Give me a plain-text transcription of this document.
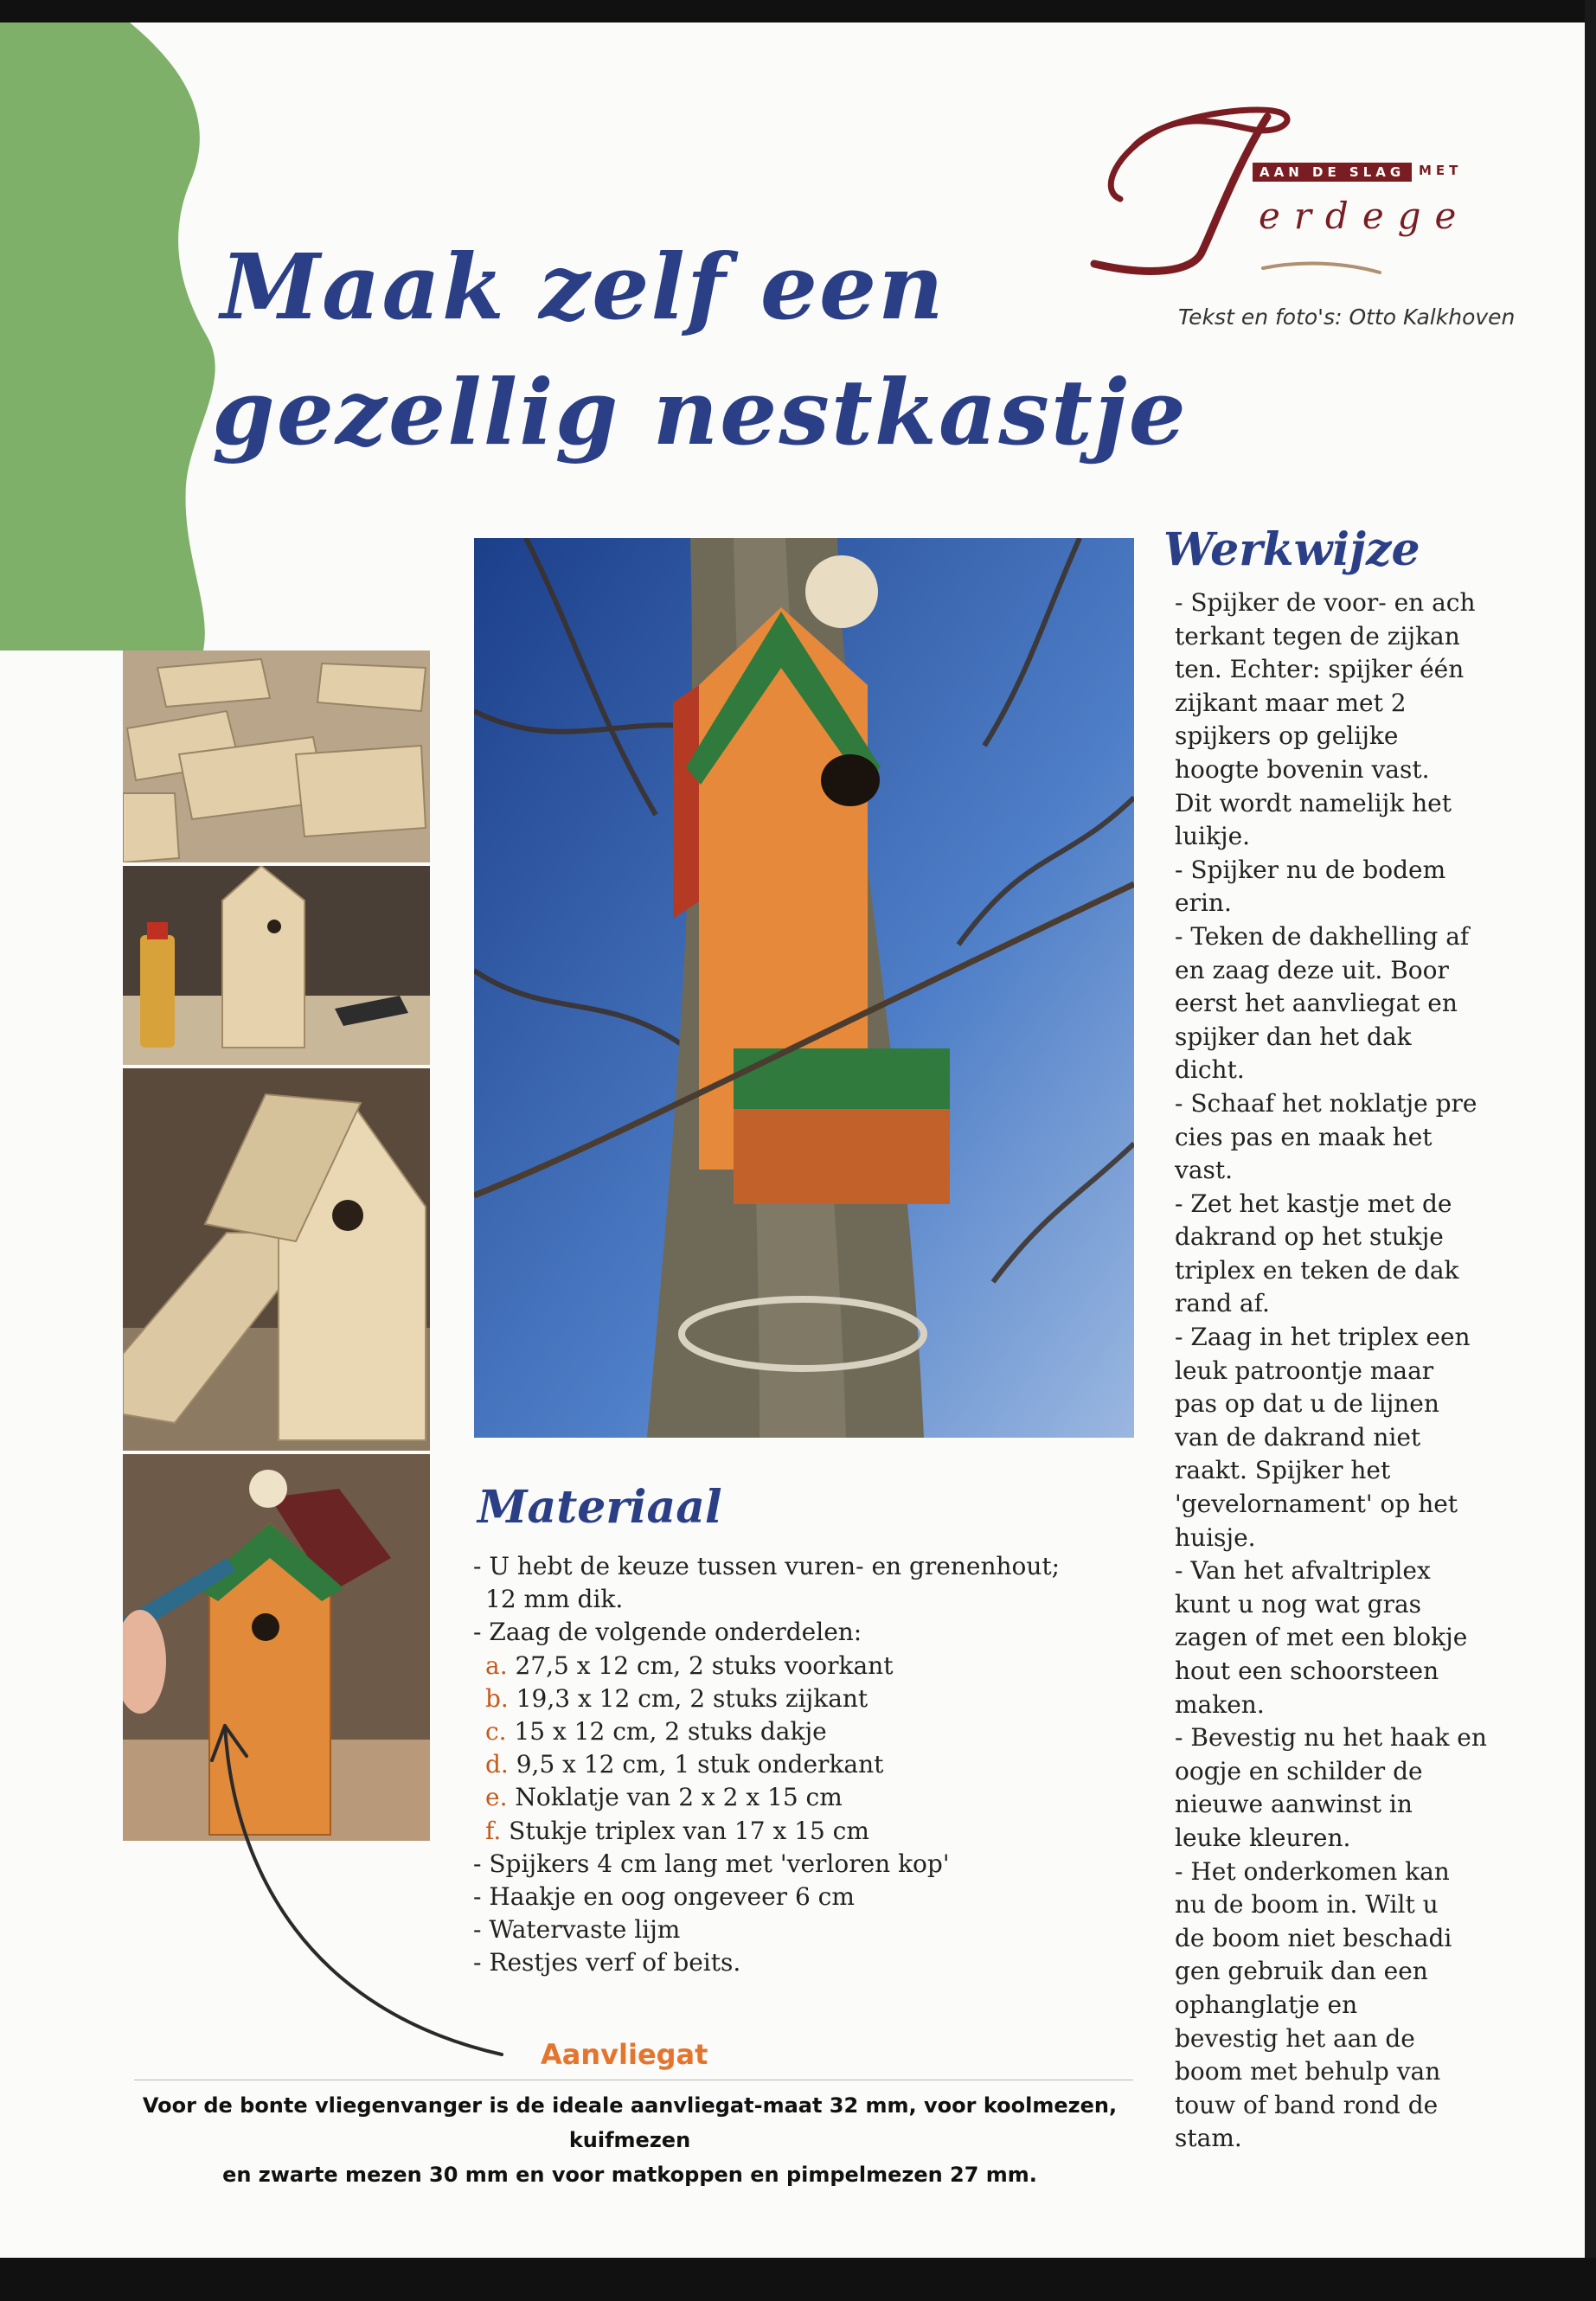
Maak zelf een
gezellig nestkastje
AAN DE SLAG	MET
erdege
Tekst en foto's: Otto Kalkhoven
Werkwijze
- Spijker de voor- en ach
terkant tegen de zijkan
ten. Echter: spijker één
zijkant maar met 2
spijkers op gelijke
hoogte bovenin vast.
Dit wordt namelijk het
luikje.
- Spijker nu de bodem
erin.
- Teken de dakhelling af
en zaag deze uit. Boor
eerst het aanvliegat en
spijker dan het dak
dicht.
- Schaaf het noklatje pre
cies pas en maak het
vast.
- Zet het kastje met de
dakrand op het stukje
triplex en teken de dak
rand af.
- Zaag in het triplex een
leuk patroontje maar
pas op dat u de lijnen
van de dakrand niet
raakt. Spijker het
'gevelornament' op het
huisje.
- Van het afvaltriplex
kunt u nog wat gras
zagen of met een blokje
hout een schoorsteen
maken.
- Bevestig nu het haak en
oogje en schilder de
nieuwe aanwinst in
leuke kleuren.
- Het onderkomen kan
nu de boom in. Wilt u
de boom niet beschadi
gen gebruik dan een
ophanglatje en
bevestig het aan de
boom met behulp van
touw of band rond de
stam.
Materiaal
- U hebt de keuze tussen vuren- en grenenhout;
12 mm dik.
- Zaag de volgende onderdelen:
a. 27,5 x 12 cm, 2 stuks voorkant
b. 19,3 x 12 cm, 2 stuks zijkant
c. 15 x 12 cm, 2 stuks dakje
d. 9,5 x 12 cm, 1 stuk onderkant
e. Noklatje van 2 x 2 x 15 cm
f. Stukje triplex van 17 x 15 cm
- Spijkers 4 cm lang met 'verloren kop'
- Haakje en oog ongeveer 6 cm
- Watervaste lijm
- Restjes verf of beits.
Aanvliegat
Voor de bonte vliegenvanger is de ideale aanvliegat-maat 32 mm, voor koolmezen, kuifmezen
en zwarte mezen 30 mm en voor matkoppen en pimpelmezen 27 mm.
